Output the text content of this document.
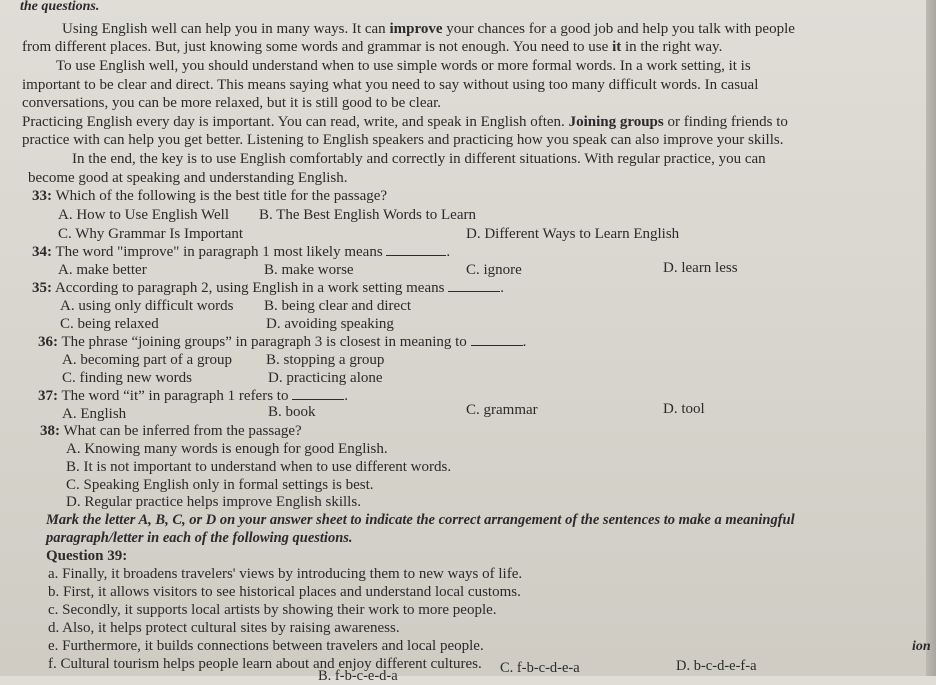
the questions.
Using English well can help you in many ways. It can improve your chances for a good job and help you talk with people
from different places. But, just knowing some words and grammar is not enough. You need to use it in the right way.
To use English well, you should understand when to use simple words or more formal words. In a work setting, it is
important to be clear and direct. This means saying what you need to say without using too many difficult words. In casual
conversations, you can be more relaxed, but it is still good to be clear.
Practicing English every day is important. You can read, write, and speak in English often. Joining groups or finding friends to
practice with can help you get better. Listening to English speakers and practicing how you speak can also improve your skills.
In the end, the key is to use English comfortably and correctly in different situations. With regular practice, you can
become good at speaking and understanding English.
33: Which of the following is the best title for the passage?
A. How to Use English Well B. The Best English Words to Learn
C. Why Grammar Is Important	D. Different Ways to Learn English
34: The word "improve" in paragraph 1 most likely means	.
A. make better	B. make worse	C. ignore	D. learn less
35: According to paragraph 2, using English in a work setting means	.
A. using only difficult words B. being clear and direct
C. being relaxed	D. avoiding speaking
36: The phrase “joining groups” in paragraph 3 is closest in meaning to	.
A. becoming part of a group B. stopping a group
C. finding new words	D. practicing alone
37: The word “it” in paragraph 1 refers to	.
A. English	B. book	C. grammar	D. tool
38: What can be inferred from the passage?
A. Knowing many words is enough for good English.
B. It is not important to understand when to use different words.
C. Speaking English only in formal settings is best.
D. Regular practice helps improve English skills.
Mark the letter A, B, C, or D on your answer sheet to indicate the correct arrangement of the sentences to make a meaningful
paragraph/letter in each of the following questions.
Question 39:
a. Finally, it broadens travelers' views by introducing them to new ways of life.
b. First, it allows visitors to see historical places and understand local customs.
c. Secondly, it supports local artists by showing their work to more people.
d. Also, it helps protect cultural sites by raising awareness.
e. Furthermore, it builds connections between travelers and local people.
f. Cultural tourism helps people learn about and enjoy different cultures.
B. f-b-c-e-d-a	C. f-b-c-d-e-a	D. b-c-d-e-f-a
ion
